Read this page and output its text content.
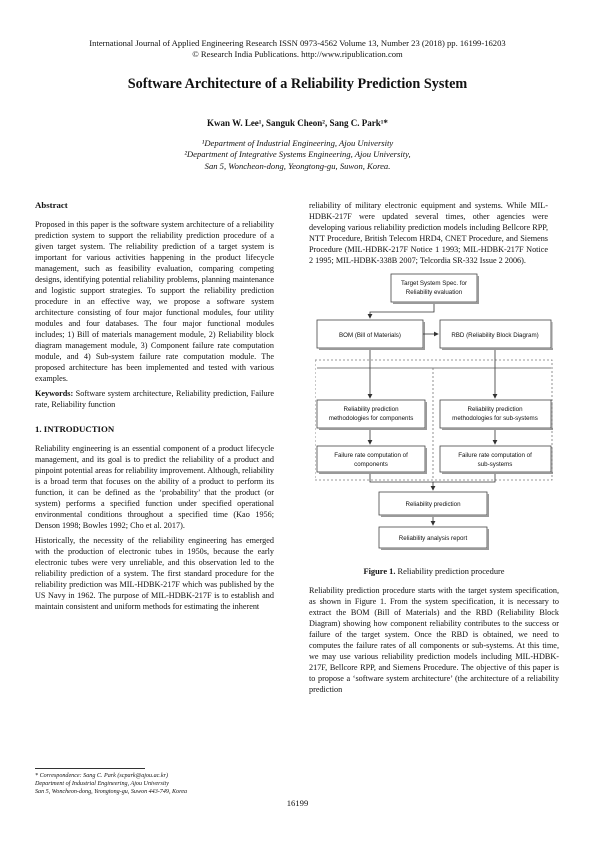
International Journal of Applied Engineering Research ISSN 0973-4562 Volume 13, Number 23 (2018) pp. 16199-16203
© Research India Publications. http://www.ripublication.com
Software Architecture of a Reliability Prediction System
Kwan W. Lee¹, Sanguk Cheon², Sang C. Park¹*
¹Department of Industrial Engineering, Ajou University
²Department of Integrative Systems Engineering, Ajou University,
San 5, Woncheon-dong, Yeongtong-gu, Suwon, Korea.
Abstract

Proposed in this paper is the software system architecture of a reliability prediction system to support the reliability prediction procedure of a given target system. The reliability prediction of a target system is important for various activities happening in the product lifecycle management, such as feasibility evaluation, comparing competing designs, identifying potential reliability problems, planning maintenance and logistic support strategies. To support the reliability prediction procedure in an effective way, we propose a software system architecture consisting of four major functional modules, four utility modules and four databases. The four major functional modules includes; 1) Bill of materials management module, 2) Reliability block diagram management module, 3) Component failure rate computation module, and 4) Sub-system failure rate computation module. The proposed architecture has been implemented and tested with various examples.

Keywords: Software system architecture, Reliability prediction, Failure rate, Reliability function

1. INTRODUCTION

Reliability engineering is an essential component of a product lifecycle management, and its goal is to predict the reliability of a product and pinpoint potential areas for reliability improvement. Although, reliability is a broad term that focuses on the ability of a product to perform its function, it can be defined as the ‘probability’ that the product (or system) performs a specified function under specified operational environmental conditions throughout a specified time (Kao 1956; Denson 1998; Bowles 1992; Cho et al. 2017).

Historically, the necessity of the reliability engineering has emerged with the production of electronic tubes in 1950s, because the early electronic tubes were very unreliable, and this observation led to the reliability prediction of a system. The first standard procedure for the reliability prediction was MIL-HDBK-217F which was published by the US Navy in 1962. The purpose of MIL-HDBK-217F is to establish and maintain consistent and uniform methods for estimating the inherent

reliability of military electronic equipment and systems. While MIL-HDBK-217F were updated several times, other agencies were developing various reliability prediction models including Bellcore RPP, NTT Procedure, British Telecom HRD4, CNET Procedure, and Siemens Procedure (MIL-HDBK-217F Notice 1 1993; MIL-HDBK-217F Notice 2 1995; MIL-HDBK-338B 2007; Telcordia SR-332 Issue 2 2006).

Target System Spec. for
Reliability evaluation
BOM (Bill of Materials)	RBD (Reliability Block Diagram)
Reliability prediction
methodologies for components
Reliability prediction
methodologies for sub-systems
Failure rate computation of
components
Failure rate computation of
sub-systems
Reliability prediction
Reliability analysis report
Figure 1. Reliability prediction procedure

Reliability prediction procedure starts with the target system specification, as shown in Figure 1. From the system specification, it is necessary to extract the BOM (Bill of Materials) and the RBD (Reliability Block Diagram) showing how component reliability contributes to the success or failure of the target system. Once the RBD is obtained, we need to computes the failure rates of all components or sub-systems. At this time, we may use various reliability prediction models including MIL-HDBK-217F, Bellcore RPP, and Siemens Procedure. The objective of this paper is to propose a ‘software system architecture’ (the architecture of a reliability prediction

* Correspondence: Sang C. Park (scpark@ajou.ac.kr)
Department of Industrial Engineering, Ajou University
San 5, Woncheon-dong, Yeongtong-gu, Suwon 443-749, Korea
16199
